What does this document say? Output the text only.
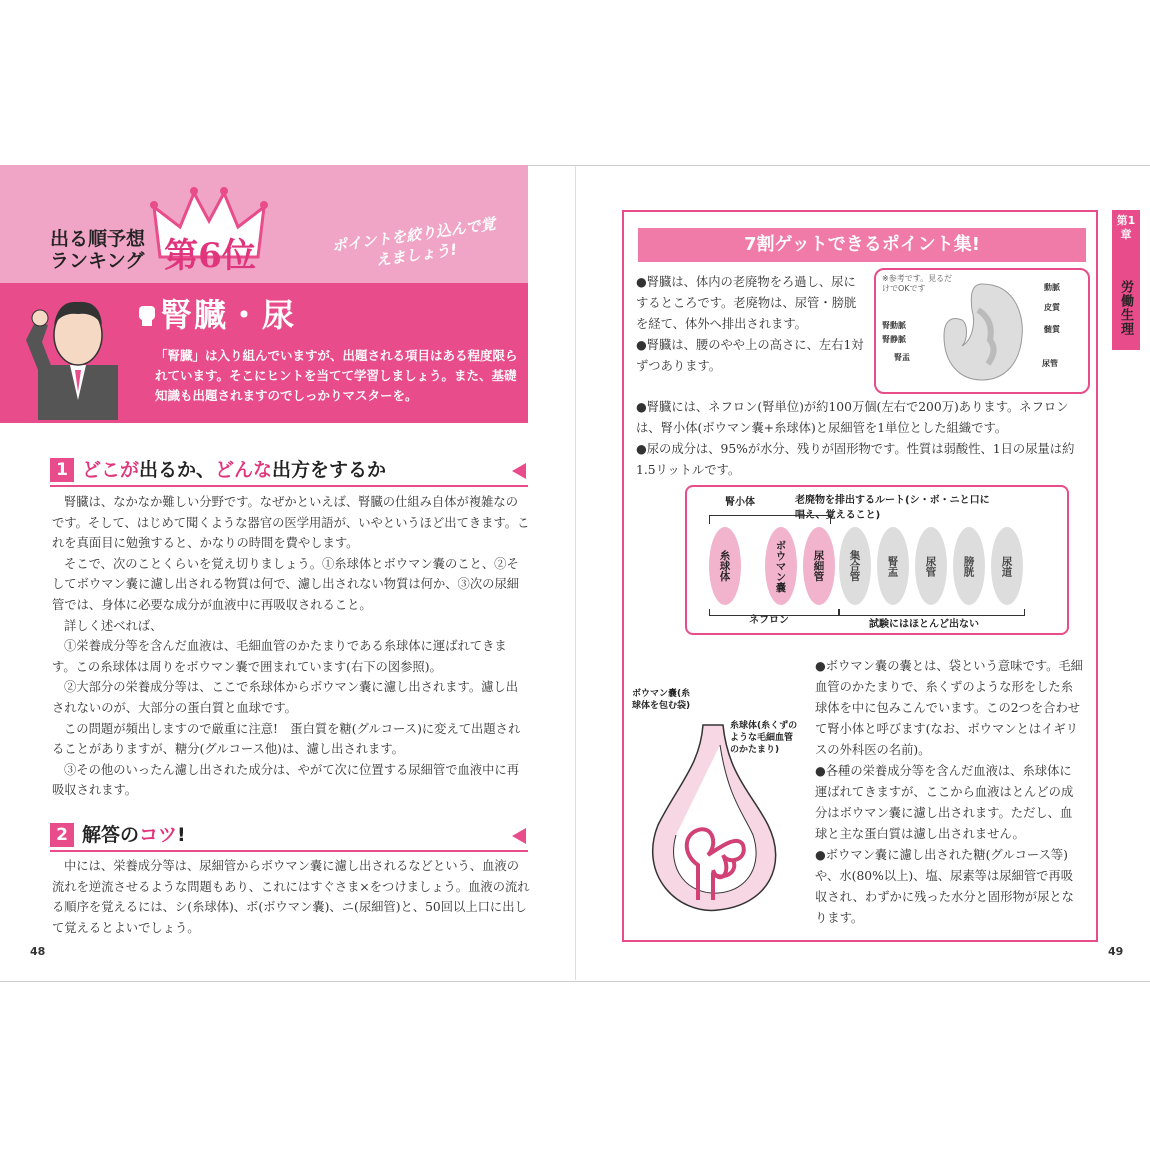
出る順予想ランキング 第6位
ポイントを絞り込んで覚えましょう!
腎臓・尿
「腎臓」は入り組んでいますが、出題される項目はある程度限られています。そこにヒントを当てて学習しましょう。また、基礎知識も出題されますのでしっかりマスターを。
1 どこが出るか、どんな出方をするか

腎臓は、なかなか難しい分野です。なぜかといえば、腎臓の仕組み自体が複雑なのです。そして、はじめて聞くような器官の医学用語が、いやというほど出てきます。これを真面目に勉強すると、かなりの時間を費やします。

そこで、次のことくらいを覚え切りましょう。①糸球体とボウマン嚢のこと、②そしてボウマン嚢に濾し出される物質は何で、濾し出されない物質は何か、③次の尿細管では、身体に必要な成分が血液中に再吸収されること。

詳しく述べれば、

①栄養成分等を含んだ血液は、毛細血管のかたまりである糸球体に運ばれてきます。この糸球体は周りをボウマン嚢で囲まれています(右下の図参照)。

②大部分の栄養成分等は、ここで糸球体からボウマン嚢に濾し出されます。濾し出されないのが、大部分の蛋白質と血球です。

この問題が頻出しますので厳重に注意!　蛋白質を糖(グルコース)に変えて出題されることがありますが、糖分(グルコース他)は、濾し出されます。

③その他のいったん濾し出された成分は、やがて次に位置する尿細管で血液中に再吸収されます。

2 解答のコツ!

中には、栄養成分等は、尿細管からボウマン嚢に濾し出されるなどという、血液の流れを逆流させるような問題もあり、これにはすぐさま×をつけましょう。血液の流れる順序を覚えるには、シ(糸球体)、ボ(ボウマン嚢)、ニ(尿細管)と、50回以上口に出して覚えるとよいでしょう。

48
7割ゲットできるポイント集!
第1章
労働生理

●腎臓は、体内の老廃物をろ過し、尿にするところです。老廃物は、尿管・膀胱を経て、体外へ排出されます。

●腎臓は、腰のやや上の高さに、左右1対ずつあります。

●腎臓には、ネフロン(腎単位)が約100万個(左右で200万)あります。ネフロンは、腎小体(ボウマン嚢+糸球体)と尿細管を1単位とした組織です。

●尿の成分は、95%が水分、残りが固形物です。性質は弱酸性、1日の尿量は約1.5リットルです。

※参考です。見るだけでOKです	動脈
皮質
髄質
腎動脈
腎静脈
尿管
腎盂
腎小体	老廃物を排出するルート(シ・ボ・ニと口に唱え、覚えること)
糸球体	ボウマン嚢	尿細管	集合管	腎盂	尿管	膀胱	尿道
ネフロン	試験にはほとんど出ない
ボウマン嚢(糸球体を包む袋)
糸球体(糸くずのような毛細血管のかたまり)

●ボウマン嚢の嚢とは、袋という意味です。毛細血管のかたまりで、糸くずのような形をした糸球体を中に包みこんでいます。この2つを合わせて腎小体と呼びます(なお、ボウマンとはイギリスの外科医の名前)。

●各種の栄養成分等を含んだ血液は、糸球体に運ばれてきますが、ここから血液はとんどの成分はボウマン嚢に濾し出されます。ただし、血球と主な蛋白質は濾し出されません。

●ボウマン嚢に濾し出された糖(グルコース等)や、水(80%以上)、塩、尿素等は尿細管で再吸収され、わずかに残った水分と固形物が尿となります。

49
